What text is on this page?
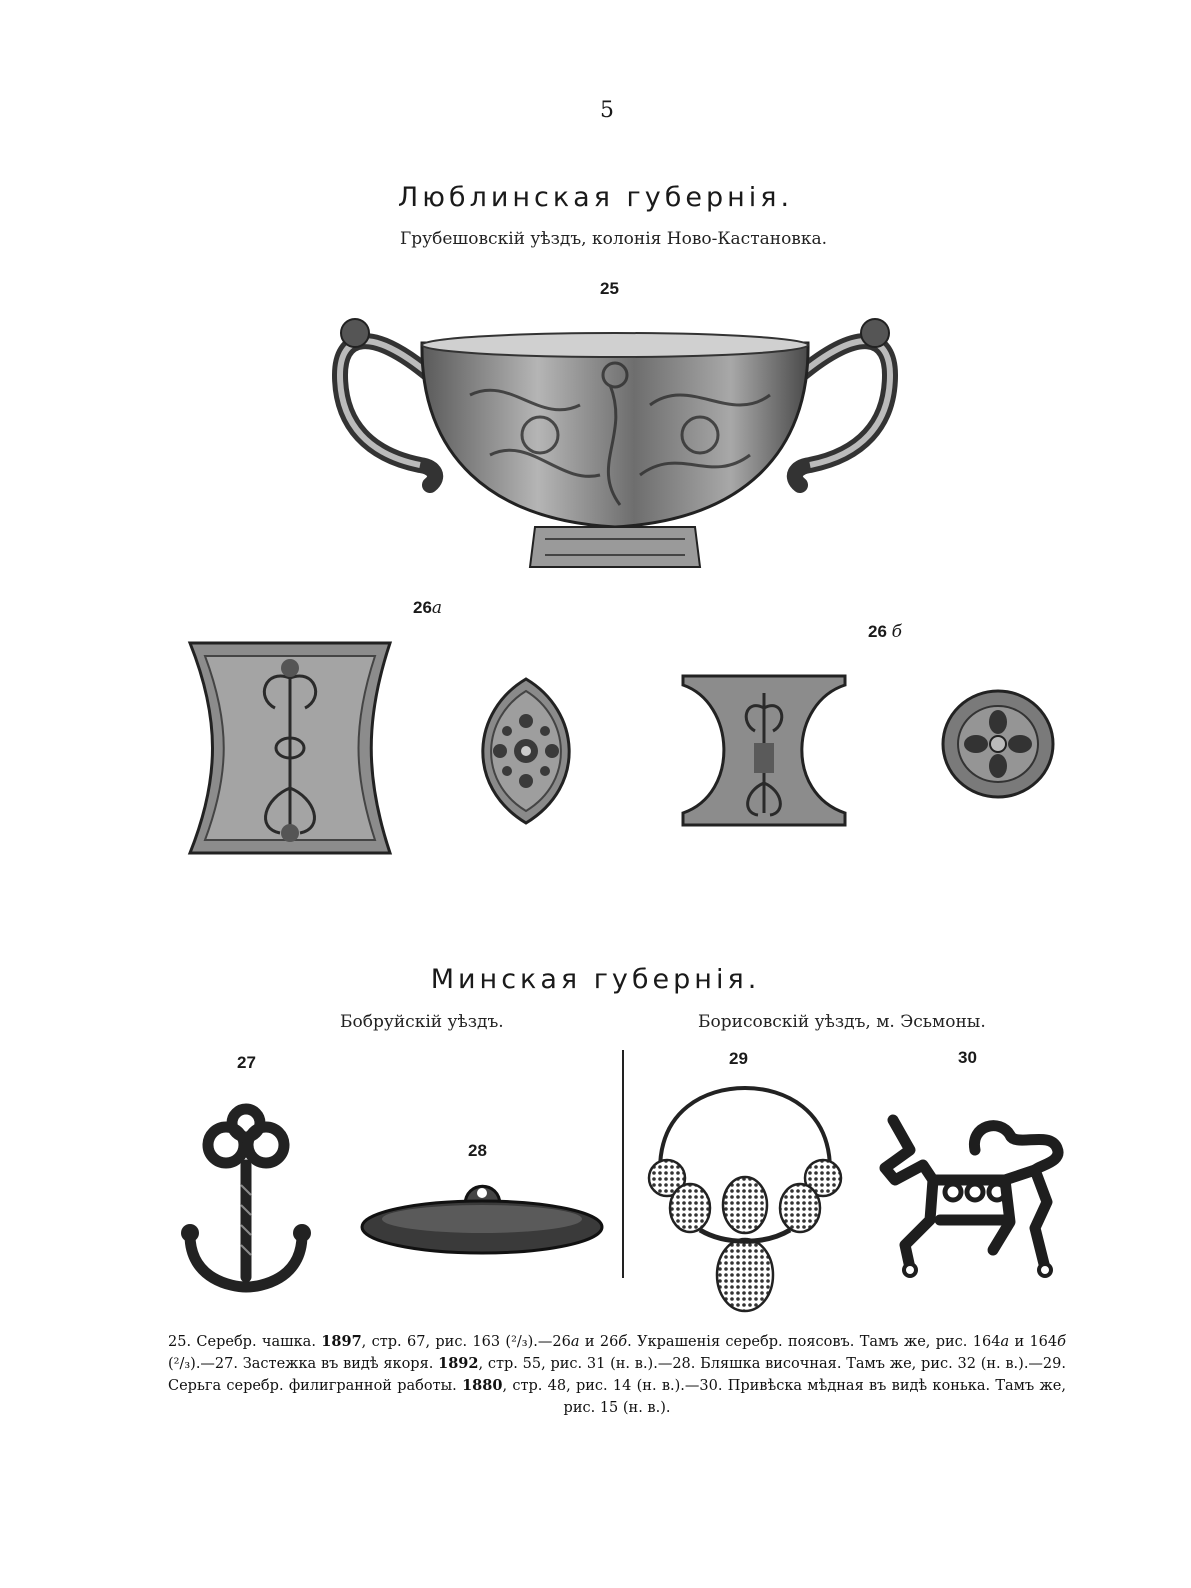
5
Люблинская губернія.
Грубешовскій уѣздъ, колонія Ново-Кастановка.
25
26а
26 б
Минская губернія.
Бобруйскій уѣздъ.	Борисовскій уѣздъ, м. Эсьмоны.
27
28
29	30
25. Серебр. чашка. 1897, стр. 67, рис. 163 (²/₃).—26а и 26б. Украшенія серебр. поясовъ. Тамъ же, рис. 164а и 164б (²/₃).—27. Застежка въ видѣ якоря. 1892, стр. 55, рис. 31 (н. в.).—28. Бляшка височная. Тамъ же, рис. 32 (н. в.).—29. Серьга серебр. филигранной работы. 1880, стр. 48, рис. 14 (н. в.).—30. Привѣска мѣдная въ видѣ конька. Тамъ же, рис. 15 (н. в.).
